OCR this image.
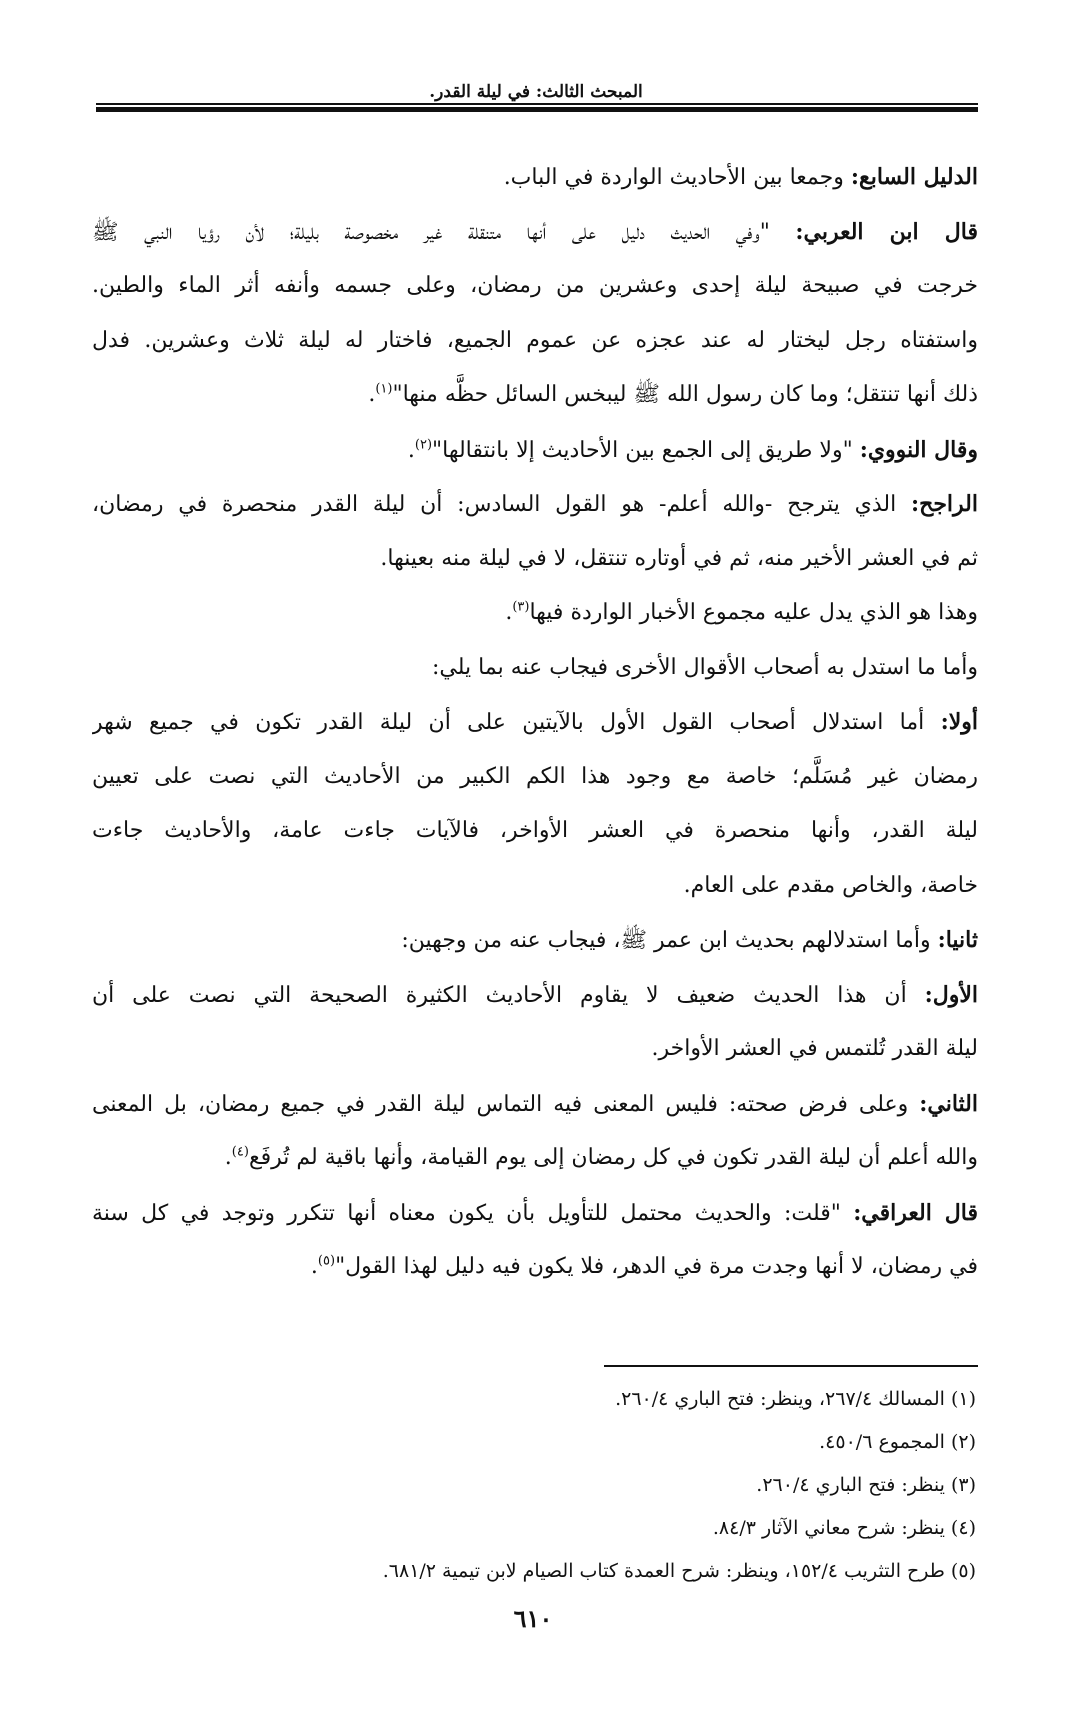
المبحث الثالث: في ليلة القدر.
الدليل السابع: وجمعا بين الأحاديث الواردة في الباب.
قال ابن العربي: "وفي الحديث دليل على أنها متنقلة غير مخصوصة بليلة؛ لأن رؤيا النبي ﷺ
خرجت في صبيحة ليلة إحدى وعشرين من رمضان، وعلى جسمه وأنفه أثر الماء والطين.
واستفتاه رجل ليختار له عند عجزه عن عموم الجميع، فاختار له ليلة ثلاث وعشرين. فدل
ذلك أنها تنتقل؛ وما كان رسول الله ﷺ ليبخس السائل حظَّه منها"$^{(١)}$.
وقال النووي: "ولا طريق إلى الجمع بين الأحاديث إلا بانتقالها"$^{(٢)}$.
الراجح: الذي يترجح -والله أعلم- هو القول السادس: أن ليلة القدر منحصرة في رمضان،
ثم في العشر الأخير منه، ثم في أوتاره تنتقل، لا في ليلة منه بعينها.
وهذا هو الذي يدل عليه مجموع الأخبار الواردة فيها$^{(٣)}$.
وأما ما استدل به أصحاب الأقوال الأخرى فيجاب عنه بما يلي:
أولا: أما استدلال أصحاب القول الأول بالآيتين على أن ليلة القدر تكون في جميع شهر
رمضان غير مُسَلَّم؛ خاصة مع وجود هذا الكم الكبير من الأحاديث التي نصت على تعيين
ليلة القدر، وأنها منحصرة في العشر الأواخر، فالآيات جاءت عامة، والأحاديث جاءت
خاصة، والخاص مقدم على العام.
ثانيا: وأما استدلالهم بحديث ابن عمر ﷺ، فيجاب عنه من وجهين:
الأول: أن هذا الحديث ضعيف لا يقاوم الأحاديث الكثيرة الصحيحة التي نصت على أن
ليلة القدر تُلتمس في العشر الأواخر.
الثاني: وعلى فرض صحته: فليس المعنى فيه التماس ليلة القدر في جميع رمضان، بل المعنى
والله أعلم أن ليلة القدر تكون في كل رمضان إلى يوم القيامة، وأنها باقية لم تُرفَع$^{(٤)}$.
قال العراقي: "قلت: والحديث محتمل للتأويل بأن يكون معناه أنها تتكرر وتوجد في كل سنة
في رمضان، لا أنها وجدت مرة في الدهر، فلا يكون فيه دليل لهذا القول"$^{(٥)}$.
(١) المسالك ٢٦٧/٤، وينظر: فتح الباري ٢٦٠/٤.
(٢) المجموع ٤٥٠/٦.
(٣) ينظر: فتح الباري ٢٦٠/٤.
(٤) ينظر: شرح معاني الآثار ٨٤/٣.
(٥) طرح التثريب ١٥٢/٤، وينظر: شرح العمدة كتاب الصيام لابن تيمية ٦٨١/٢.
٦١٠
